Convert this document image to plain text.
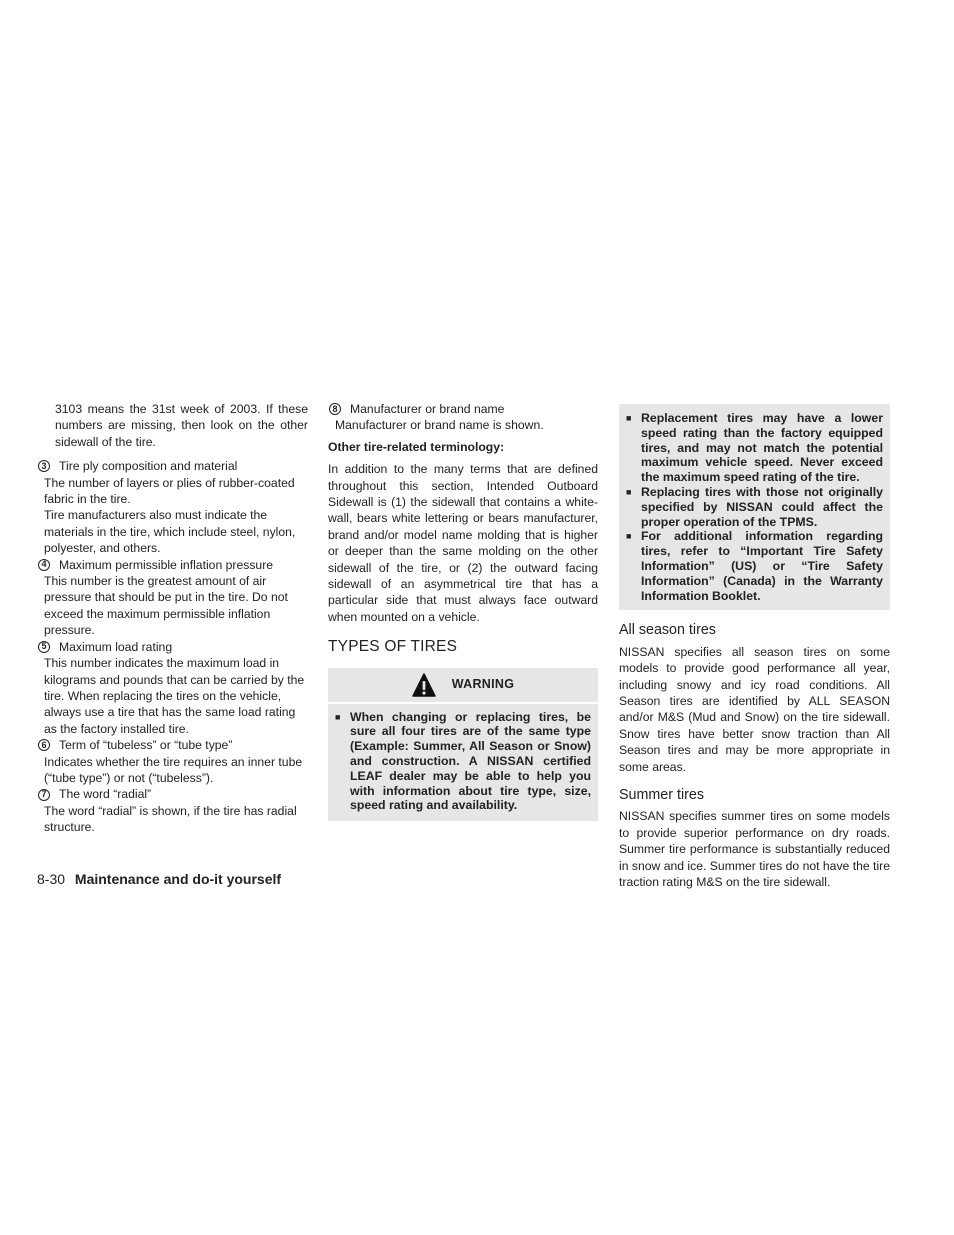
3103 means the 31st week of 2003. If these numbers are missing, then look on the other sidewall of the tire.

3 Tire ply composition and material

The number of layers or plies of rubber-coated fabric in the tire.

Tire manufacturers also must indicate the materials in the tire, which include steel, nylon, polyester, and others.

4 Maximum permissible inflation pressure

This number is the greatest amount of air pressure that should be put in the tire. Do not exceed the maximum permissible inflation pressure.

5 Maximum load rating

This number indicates the maximum load in kilograms and pounds that can be carried by the tire. When replacing the tires on the vehicle, always use a tire that has the same load rating as the factory installed tire.

6 Term of “tubeless” or “tube type”

Indicates whether the tire requires an inner tube (“tube type”) or not (“tubeless”).

7 The word “radial”

The word “radial” is shown, if the tire has radial structure.

8 Manufacturer or brand name

Manufacturer or brand name is shown.

Other tire-related terminology:

In addition to the many terms that are defined throughout this section, Intended Outboard Sidewall is (1) the sidewall that contains a white-wall, bears white lettering or bears manufacturer, brand and/or model name molding that is higher or deeper than the same molding on the other sidewall of the tire, or (2) the outward facing sidewall of an asymmetrical tire that has a particular side that must always face outward when mounted on a vehicle.

TYPES OF TIRES
WARNING
■ When changing or replacing tires, be sure all four tires are of the same type (Example: Summer, All Season or Snow) and construction. A NISSAN certified LEAF dealer may be able to help you with information about tire type, size, speed rating and availability.
■ Replacement tires may have a lower speed rating than the factory equipped tires, and may not match the potential maximum vehicle speed. Never exceed the maximum speed rating of the tire.
■ Replacing tires with those not originally specified by NISSAN could affect the proper operation of the TPMS.
■ For additional information regarding tires, refer to “Important Tire Safety Information” (US) or “Tire Safety Information” (Canada) in the Warranty Information Booklet.
All season tires

NISSAN specifies all season tires on some models to provide good performance all year, including snowy and icy road conditions. All Season tires are identified by ALL SEASON and/or M&S (Mud and Snow) on the tire sidewall. Snow tires have better snow traction than All Season tires and may be more appropriate in some areas.

Summer tires

NISSAN specifies summer tires on some models to provide superior performance on dry roads. Summer tire performance is substantially reduced in snow and ice. Summer tires do not have the tire traction rating M&S on the tire sidewall.

8-30 Maintenance and do-it yourself
